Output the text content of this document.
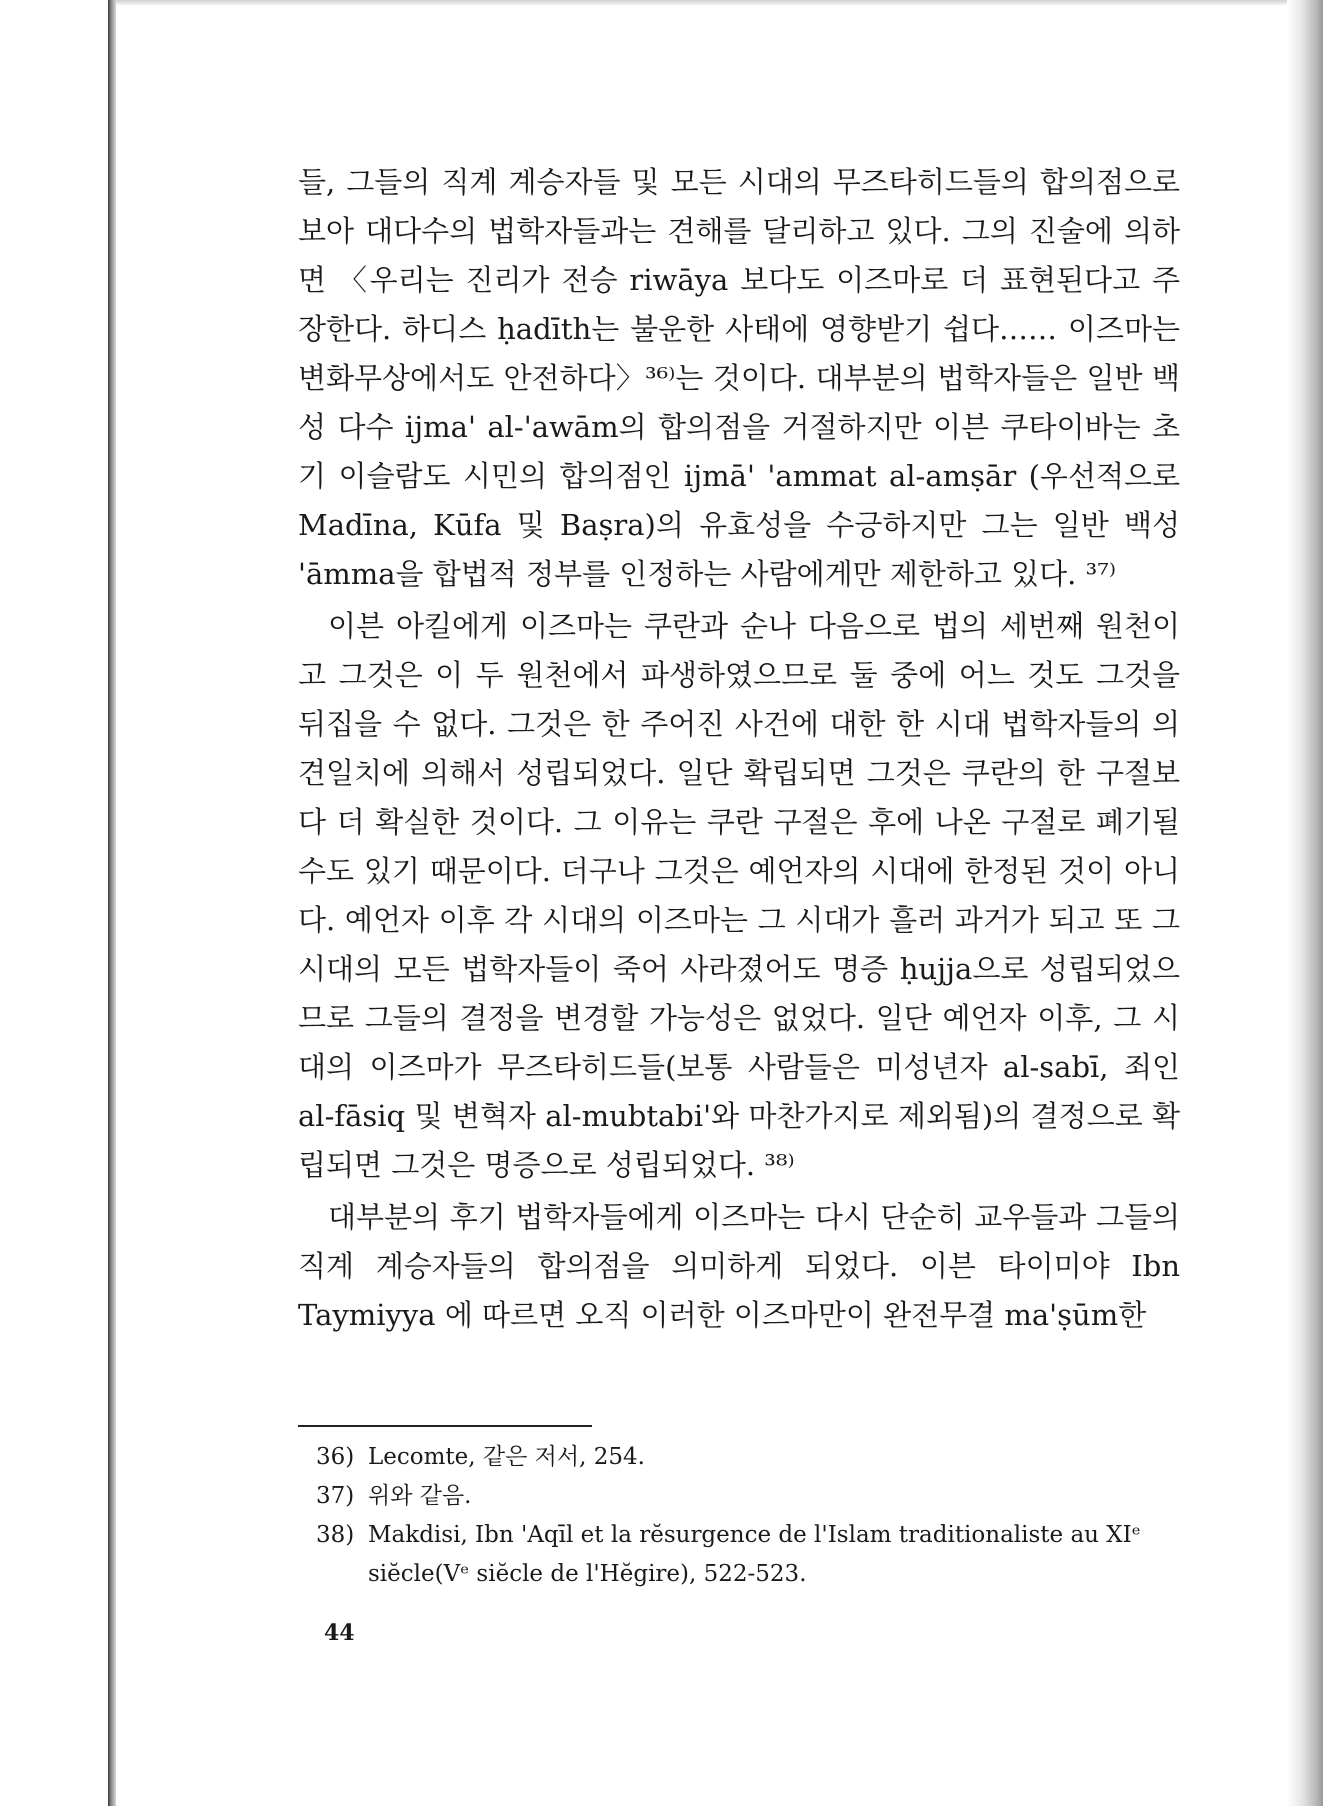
들, 그들의 직계 계승자들 및 모든 시대의 무즈타히드들의 합의점으로 보아 대다수의 법학자들과는 견해를 달리하고 있다. 그의 진술에 의하면 〈우리는 진리가 전승 riwāya 보다도 이즈마로 더 표현된다고 주장한다. 하디스 ḥadīth는 불운한 사태에 영향받기 쉽다…… 이즈마는 변화무상에서도 안전하다〉³⁶⁾는 것이다. 대부분의 법학자들은 일반 백성 다수 ijma' al-'awām의 합의점을 거절하지만 이븐 쿠타이바는 초기 이슬람도 시민의 합의점인 ijmā' 'ammat al-amṣār (우선적으로 Madīna, Kūfa 및 Baṣra)의 유효성을 수긍하지만 그는 일반 백성 'āmma을 합법적 정부를 인정하는 사람에게만 제한하고 있다. ³⁷⁾

이븐 아킬에게 이즈마는 쿠란과 순나 다음으로 법의 세번째 원천이고 그것은 이 두 원천에서 파생하였으므로 둘 중에 어느 것도 그것을 뒤집을 수 없다. 그것은 한 주어진 사건에 대한 한 시대 법학자들의 의견일치에 의해서 성립되었다. 일단 확립되면 그것은 쿠란의 한 구절보다 더 확실한 것이다. 그 이유는 쿠란 구절은 후에 나온 구절로 폐기될 수도 있기 때문이다. 더구나 그것은 예언자의 시대에 한정된 것이 아니다. 예언자 이후 각 시대의 이즈마는 그 시대가 흘러 과거가 되고 또 그 시대의 모든 법학자들이 죽어 사라졌어도 명증 ḥujja으로 성립되었으므로 그들의 결정을 변경할 가능성은 없었다. 일단 예언자 이후, 그 시대의 이즈마가 무즈타히드들(보통 사람들은 미성년자 al-sabī, 죄인 al-fāsiq 및 변혁자 al-mubtabi'와 마찬가지로 제외됨)의 결정으로 확립되면 그것은 명증으로 성립되었다. ³⁸⁾

대부분의 후기 법학자들에게 이즈마는 다시 단순히 교우들과 그들의 직계 계승자들의 합의점을 의미하게 되었다. 이븐 타이미야 Ibn Taymiyya 에 따르면 오직 이러한 이즈마만이 완전무결 ma'ṣūm한

36) Lecomte, 같은 저서, 254.
37) 위와 같음.
38) Makdisi, Ibn 'Aqīl et la rĕsurgence de l'Islam traditionaliste au XIᵉ siĕcle(Vᵉ siĕcle de l'Hĕgire), 522-523.
44
